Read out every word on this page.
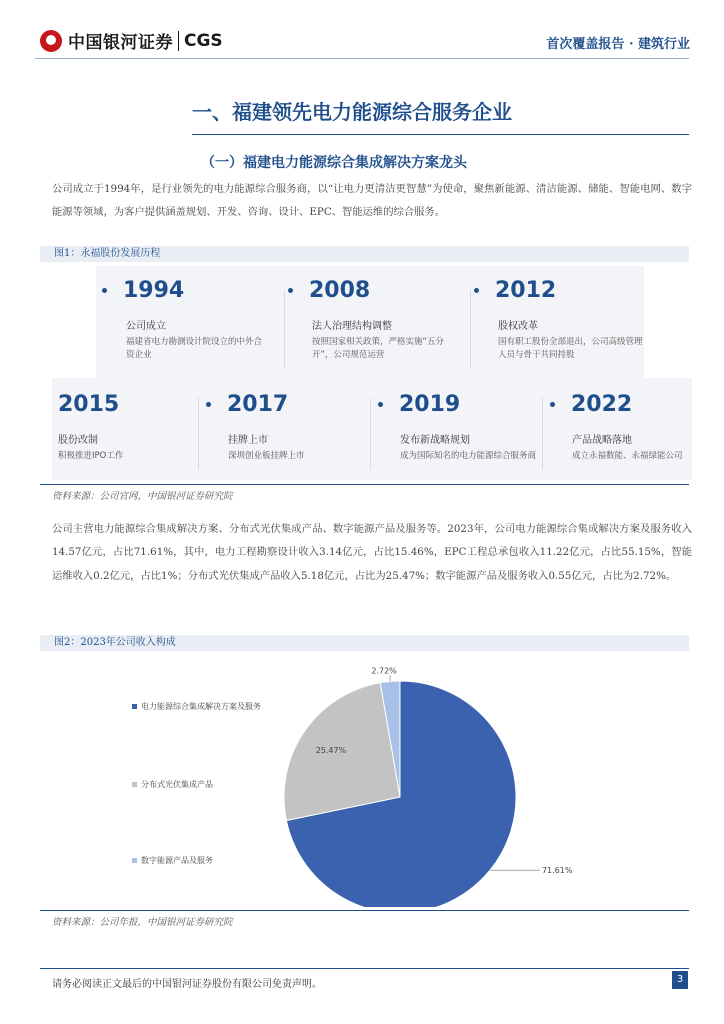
中国银河证券 CGS	首次覆盖报告 · 建筑行业
一、福建领先电力能源综合服务企业
（一）福建电力能源综合集成解决方案龙头
公司成立于1994年，是行业领先的电力能源综合服务商，以“让电力更清洁更智慧”为使命，聚焦新能源、清洁能源、储能、智能电网、数字能源等领域，为客户提供涵盖规划、开发、咨询、设计、EPC、智能运维的综合服务。
图1：永福股份发展历程
1994
公司成立
福建省电力勘测设计院设立的中外合资企业
2008
法人治理结构调整
按照国家相关政策，严格实施“五分开”，公司规范运营
2012
股权改革
国有职工股份全部退出，公司高级管理人员与骨干共同持股
2015
股份改制
积极推进IPO工作
2017
挂牌上市
深圳创业板挂牌上市
2019
发布新战略规划
成为国际知名的电力能源综合服务商
2022
产品战略落地
成立永福数能、永福绿能公司
资料来源：公司官网，中国银河证券研究院
公司主营电力能源综合集成解决方案、分布式光伏集成产品、数字能源产品及服务等。2023年，公司电力能源综合集成解决方案及服务收入14.57亿元，占比71.61%，其中，电力工程勘察设计收入3.14亿元，占比15.46%，EPC工程总承包收入11.22亿元，占比55.15%，智能运维收入0.2亿元，占比1%；分布式光伏集成产品收入5.18亿元，占比为25.47%；数字能源产品及服务收入0.55亿元，占比为2.72%。
图2：2023年公司收入构成
71.61%
25.47%
2.72%
电力能源综合集成解决方案及服务
分布式光伏集成产品
数字能源产品及服务
资料来源：公司年报，中国银河证券研究院
请务必阅读正文最后的中国银河证券股份有限公司免责声明。	3
